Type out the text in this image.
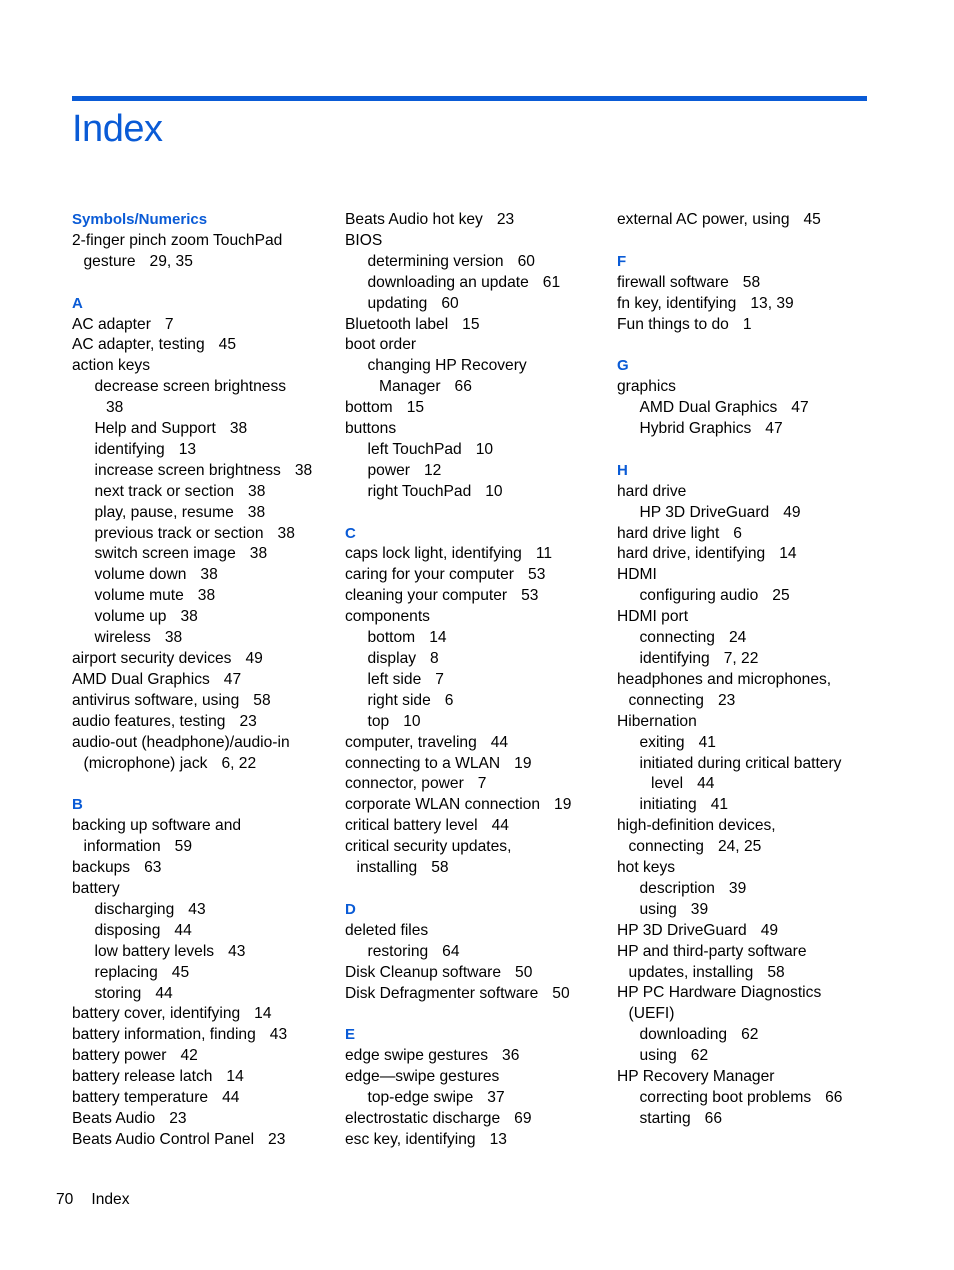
Index
Symbols/Numerics
2-finger pinch zoom TouchPad
gesture 29, 35
A
AC adapter 7
AC adapter, testing 45
action keys
decrease screen brightness
38
Help and Support 38
identifying 13
increase screen brightness 38
next track or section 38
play, pause, resume 38
previous track or section 38
switch screen image 38
volume down 38
volume mute 38
volume up 38
wireless 38
airport security devices 49
AMD Dual Graphics 47
antivirus software, using 58
audio features, testing 23
audio-out (headphone)/audio-in
(microphone) jack 6, 22
B
backing up software and
information 59
backups 63
battery
discharging 43
disposing 44
low battery levels 43
replacing 45
storing 44
battery cover, identifying 14
battery information, finding 43
battery power 42
battery release latch 14
battery temperature 44
Beats Audio 23
Beats Audio Control Panel 23
Beats Audio hot key 23
BIOS
determining version 60
downloading an update 61
updating 60
Bluetooth label 15
boot order
changing HP Recovery
Manager 66
bottom 15
buttons
left TouchPad 10
power 12
right TouchPad 10
C
caps lock light, identifying 11
caring for your computer 53
cleaning your computer 53
components
bottom 14
display 8
left side 7
right side 6
top 10
computer, traveling 44
connecting to a WLAN 19
connector, power 7
corporate WLAN connection 19
critical battery level 44
critical security updates,
installing 58
D
deleted files
restoring 64
Disk Cleanup software 50
Disk Defragmenter software 50
E
edge swipe gestures 36
edge—swipe gestures
top-edge swipe 37
electrostatic discharge 69
esc key, identifying 13
external AC power, using 45
F
firewall software 58
fn key, identifying 13, 39
Fun things to do 1
G
graphics
AMD Dual Graphics 47
Hybrid Graphics 47
H
hard drive
HP 3D DriveGuard 49
hard drive light 6
hard drive, identifying 14
HDMI
configuring audio 25
HDMI port
connecting 24
identifying 7, 22
headphones and microphones,
connecting 23
Hibernation
exiting 41
initiated during critical battery
level 44
initiating 41
high-definition devices,
connecting 24, 25
hot keys
description 39
using 39
HP 3D DriveGuard 49
HP and third-party software
updates, installing 58
HP PC Hardware Diagnostics
(UEFI)
downloading 62
using 62
HP Recovery Manager
correcting boot problems 66
starting 66
70 Index
